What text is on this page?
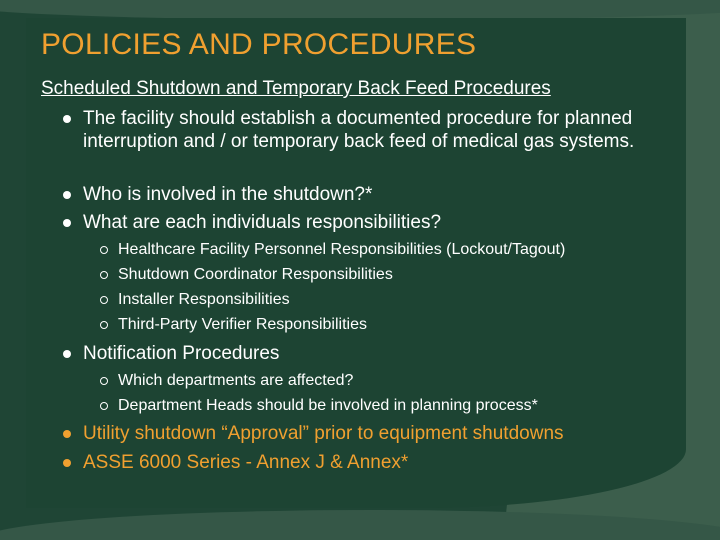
POLICIES AND PROCEDURES

Scheduled Shutdown and Temporary Back Feed Procedures

The facility should establish a documented procedure for planned interruption and / or temporary back feed of medical gas systems.
Who is involved in the shutdown?*
What are each individuals responsibilities?
Healthcare Facility Personnel Responsibilities (Lockout/Tagout)
Shutdown Coordinator Responsibilities
Installer Responsibilities
Third-Party Verifier Responsibilities
Notification Procedures
Which departments are affected?
Department Heads should be involved in planning process*
Utility shutdown “Approval” prior to equipment shutdowns
ASSE 6000 Series - Annex J & Annex*
